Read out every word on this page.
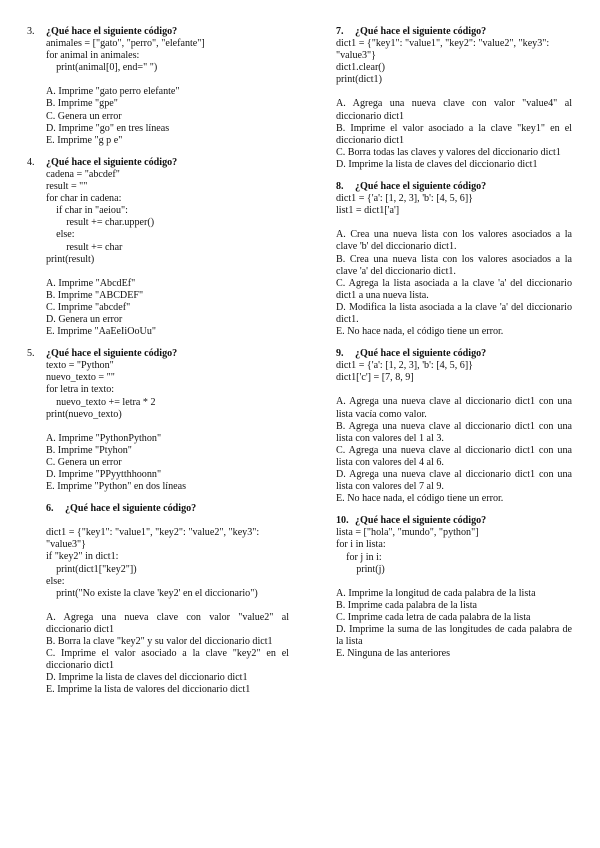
3.	¿Qué hace el siguiente código?
animales = ["gato", "perro", "elefante"]
for animal in animales:
print(animal[0], end=" ")
A. Imprime "gato perro elefante"
B. Imprime "gpe"
C. Genera un error
D. Imprime "go" en tres líneas
E. Imprime "g p e"
4.	¿Qué hace el siguiente código?
cadena = "abcdef"
result = ""
for char in cadena:
if char in "aeiou":
result += char.upper()
else:
result += char
print(result)
A. Imprime "AbcdEf"
B. Imprime "ABCDEF"
C. Imprime "abcdef"
D. Genera un error
E. Imprime "AaEeIiOoUu"
5.	¿Qué hace el siguiente código?
texto = "Python"
nuevo_texto = ""
for letra in texto:
nuevo_texto += letra * 2
print(nuevo_texto)
A. Imprime "PythonPython"
B. Imprime "Ptyhon"
C. Genera un error
D. Imprime "PPyytthhoonn"
E. Imprime "Python" en dos líneas
6.	¿Qué hace el siguiente código?
dict1 = {"key1": "value1", "key2": "value2", "key3":
"value3"}
if "key2" in dict1:
print(dict1["key2"])
else:
print("No existe la clave 'key2' en el diccionario")
A. Agrega una nueva clave con valor "value2" al diccionario dict1
B. Borra la clave "key2" y su valor del diccionario dict1
C. Imprime el valor asociado a la clave "key2" en el diccionario dict1
D. Imprime la lista de claves del diccionario dict1
E. Imprime la lista de valores del diccionario dict1
7.	¿Qué hace el siguiente código?
dict1 = {"key1": "value1", "key2": "value2", "key3":
"value3"}
dict1.clear()
print(dict1)
A. Agrega una nueva clave con valor "value4" al diccionario dict1
B. Imprime el valor asociado a la clave "key1" en el diccionario dict1
C. Borra todas las claves y valores del diccionario dict1
D. Imprime la lista de claves del diccionario dict1
8.	¿Qué hace el siguiente código?
dict1 = {'a': [1, 2, 3], 'b': [4, 5, 6]}
list1 = dict1['a']
A. Crea una nueva lista con los valores asociados a la clave 'b' del diccionario dict1.
B. Crea una nueva lista con los valores asociados a la clave 'a' del diccionario dict1.
C. Agrega la lista asociada a la clave 'a' del diccionario dict1 a una nueva lista.
D. Modifica la lista asociada a la clave 'a' del diccionario dict1.
E. No hace nada, el código tiene un error.
9.	¿Qué hace el siguiente código?
dict1 = {'a': [1, 2, 3], 'b': [4, 5, 6]}
dict1['c'] = [7, 8, 9]
A. Agrega una nueva clave al diccionario dict1 con una lista vacía como valor.
B. Agrega una nueva clave al diccionario dict1 con una lista con valores del 1 al 3.
C. Agrega una nueva clave al diccionario dict1 con una lista con valores del 4 al 6.
D. Agrega una nueva clave al diccionario dict1 con una lista con valores del 7 al 9.
E. No hace nada, el código tiene un error.
10. ¿Qué hace el siguiente código?
lista = ["hola", "mundo", "python"]
for i in lista:
for j in i:
print(j)
A. Imprime la longitud de cada palabra de la lista
B. Imprime cada palabra de la lista
C. Imprime cada letra de cada palabra de la lista
D. Imprime la suma de las longitudes de cada palabra de la lista
E. Ninguna de las anteriores
